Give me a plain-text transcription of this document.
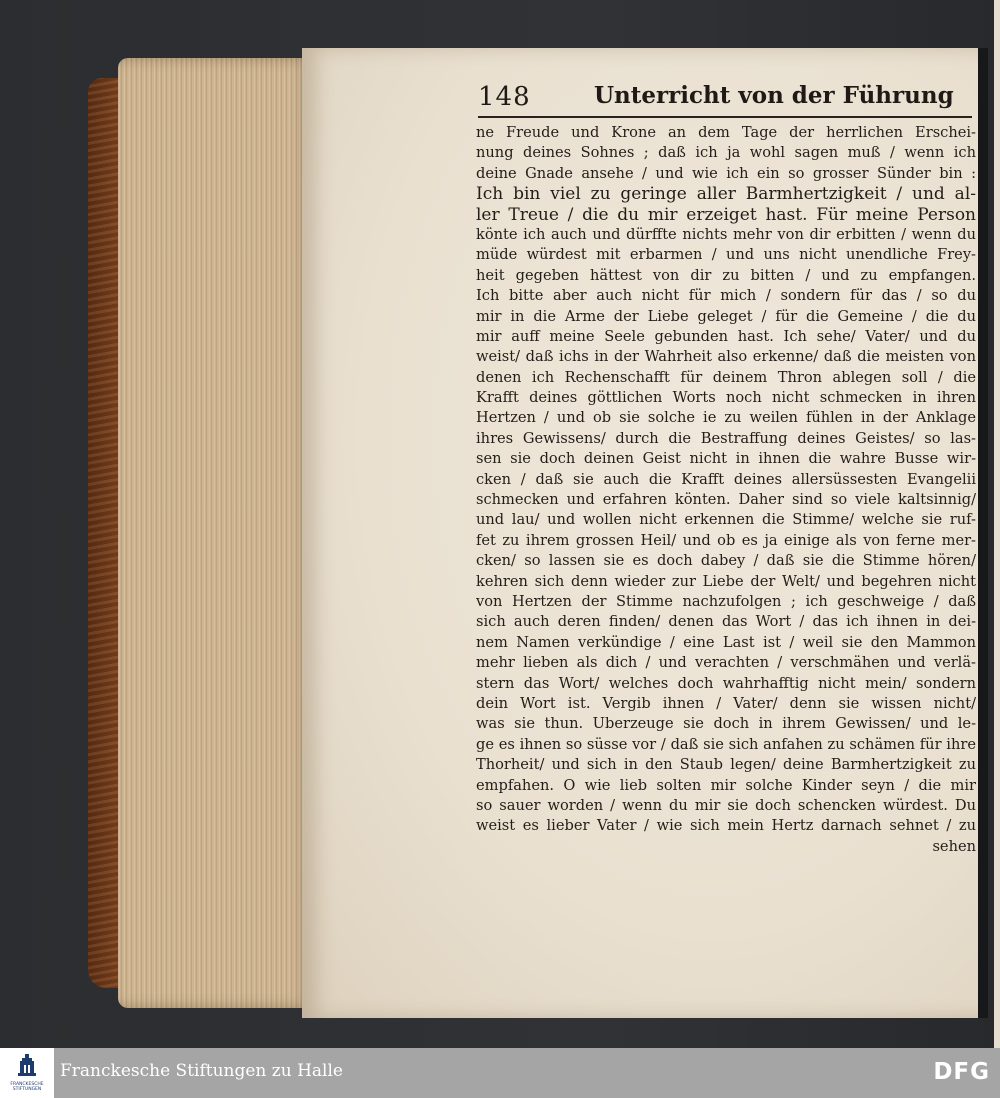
148	Unterricht von der Führung
ne Freude und Krone an dem Tage der herrlichen Erschei-
nung deines Sohnes ; daß ich ja wohl sagen muß / wenn ich
deine Gnade ansehe / und wie ich ein so grosser Sünder bin :
Ich bin viel zu geringe aller Barmhertzigkeit / und al-
ler Treue / die du mir erzeiget hast. Für meine Person
könte ich auch und dürffte nichts mehr von dir erbitten / wenn du
müde würdest mit erbarmen / und uns nicht unendliche Frey-
heit gegeben hättest von dir zu bitten / und zu empfangen.
Ich bitte aber auch nicht für mich / sondern für das / so du
mir in die Arme der Liebe geleget / für die Gemeine / die du
mir auff meine Seele gebunden hast. Ich sehe/ Vater/ und du
weist/ daß ichs in der Wahrheit also erkenne/ daß die meisten von
denen ich Rechenschafft für deinem Thron ablegen soll / die
Krafft deines göttlichen Worts noch nicht schmecken in ihren
Hertzen / und ob sie solche ie zu weilen fühlen in der Anklage
ihres Gewissens/ durch die Bestraffung deines Geistes/ so las-
sen sie doch deinen Geist nicht in ihnen die wahre Busse wir-
cken / daß sie auch die Krafft deines allersüssesten Evangelii
schmecken und erfahren könten. Daher sind so viele kaltsinnig/
und lau/ und wollen nicht erkennen die Stimme/ welche sie ruf-
fet zu ihrem grossen Heil/ und ob es ja einige als von ferne mer-
cken/ so lassen sie es doch dabey / daß sie die Stimme hören/
kehren sich denn wieder zur Liebe der Welt/ und begehren nicht
von Hertzen der Stimme nachzufolgen ; ich geschweige / daß
sich auch deren finden/ denen das Wort / das ich ihnen in dei-
nem Namen verkündige / eine Last ist / weil sie den Mammon
mehr lieben als dich / und verachten / verschmähen und verlä-
stern das Wort/ welches doch wahrhafftig nicht mein/ sondern
dein Wort ist. Vergib ihnen / Vater/ denn sie wissen nicht/
was sie thun. Uberzeuge sie doch in ihrem Gewissen/ und le-
ge es ihnen so süsse vor / daß sie sich anfahen zu schämen für ihre
Thorheit/ und sich in den Staub legen/ deine Barmhertzigkeit zu
empfahen. O wie lieb solten mir solche Kinder seyn / die mir
so sauer worden / wenn du mir sie doch schencken würdest. Du
weist es lieber Vater / wie sich mein Hertz darnach sehnet / zu
sehen
FRANCKESCHE
STIFTUNGEN
Franckesche Stiftungen zu Halle	DFG
